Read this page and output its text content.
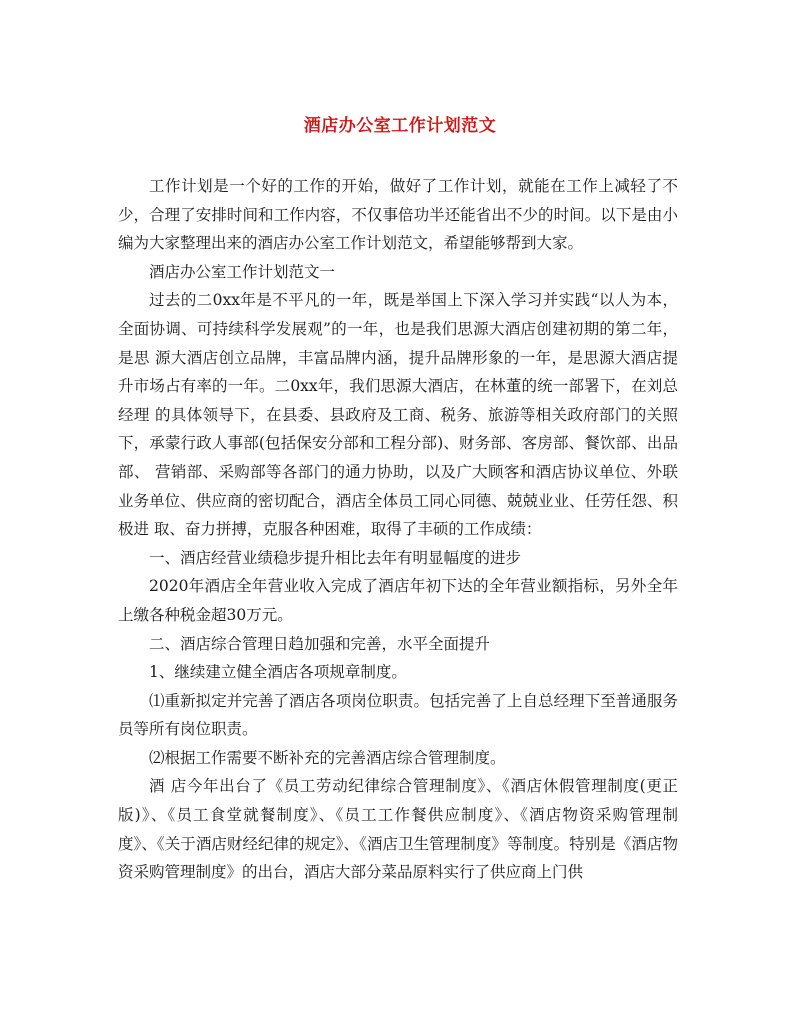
酒店办公室工作计划范文

工作计划是一个好的工作的开始，做好了工作计划，就能在工作上减轻了不少，合理了安排时间和工作内容，不仅事倍功半还能省出不少的时间。以下是由小编为大家整理出来的酒店办公室工作计划范文，希望能够帮到大家。

酒店办公室工作计划范文一

过去的二0xx年是不平凡的一年，既是举国上下深入学习并实践“以人为本，全面协调、可持续科学发展观”的一年，也是我们思源大酒店创建初期的第二年，是思 源大酒店创立品牌，丰富品牌内涵，提升品牌形象的一年，是思源大酒店提升市场占有率的一年。二0xx年，我们思源大酒店，在林董的统一部署下，在刘总经理 的具体领导下，在县委、县政府及工商、税务、旅游等相关政府部门的关照下，承蒙行政人事部(包括保安分部和工程分部)、财务部、客房部、餐饮部、出品部、 营销部、采购部等各部门的通力协助，以及广大顾客和酒店协议单位、外联业务单位、供应商的密切配合，酒店全体员工同心同德、兢兢业业、任劳任怨、积极进 取、奋力拼搏，克服各种困难，取得了丰硕的工作成绩：

一、酒店经营业绩稳步提升相比去年有明显幅度的进步

2020年酒店全年营业收入完成了酒店年初下达的全年营业额指标，另外全年上缴各种税金超30万元。

二、酒店综合管理日趋加强和完善，水平全面提升

1、继续建立健全酒店各项规章制度。

⑴重新拟定并完善了酒店各项岗位职责。包括完善了上自总经理下至普通服务员等所有岗位职责。

⑵根据工作需要不断补充的完善酒店综合管理制度。

酒 店今年出台了《员工劳动纪律综合管理制度》、《酒店休假管理制度(更正版)》、《员工食堂就餐制度》、《员工工作餐供应制度》、《酒店物资采购管理制 度》、《关于酒店财经纪律的规定》、《酒店卫生管理制度》等制度。特别是《酒店物资采购管理制度》的出台，酒店大部分菜品原料实行了供应商上门供
